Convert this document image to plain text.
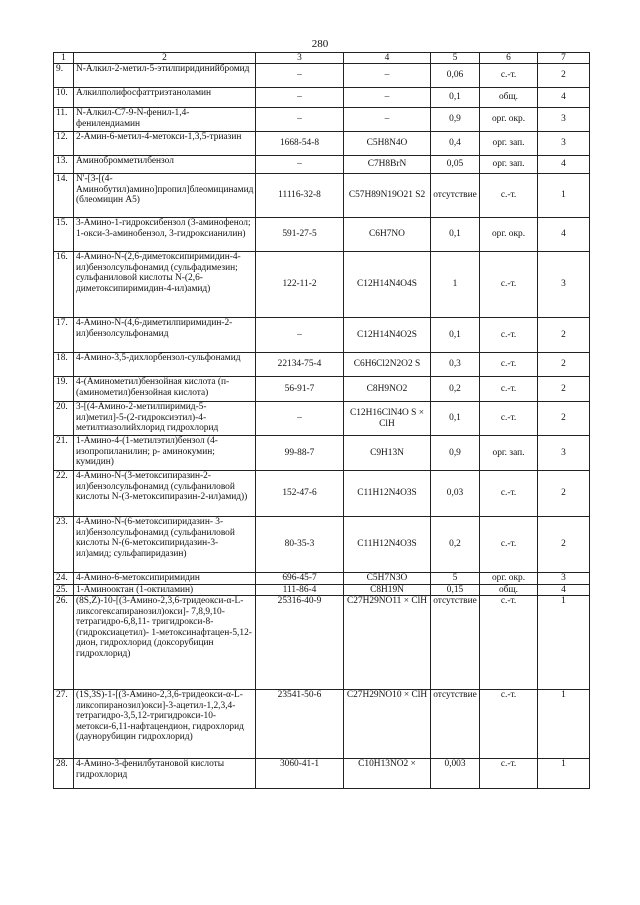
280
1	2	3	4	5	6	7
9.	N-Алкил-2-метил-5-этилпиридинийбромид	–	–	0,06	с.-т.	2
10.	Алкилполифосфаттриэтаноламин	–	–	0,1	общ.	4
11.	N-Алкил-С7-9-N-фенил-1,4-фенилендиамин	–	–	0,9	орг. окр.	3
12.	2-Амин-6-метил-4-метокси-1,3,5-триазин	1668-54-8	C5H8N4O	0,4	орг. зап.	3
13.	Аминобромметилбензол	–	C7H8BrN	0,05	орг. зап.	4
14.	N'-[3-[(4-Аминобутил)амино]пропил]блеомицинамид (блеомицин А5)	11116-32-8	C57H89N19O21 S2	отсутствие	с.-т.	1
15.	3-Амино-1-гидроксибензол (3-аминофенол; 1-окси-3-аминобензол, 3-гидроксианилин)	591-27-5	C6H7NO	0,1	орг. окр.	4
16.	4-Амино-N-(2,6-диметоксипиримидин-4-ил)бензолсульфонамид (сульфадимезин; сульфаниловой кислоты N-(2,6-диметоксипиримидин-4-ил)амид)	122-11-2	C12H14N4O4S	1	с.-т.	3
17.	4-Амино-N-(4,6-диметилпиримидин-2-ил)бензолсульфонамид	–	C12H14N4O2S	0,1	с.-т.	2
18.	4-Амино-3,5-дихлорбензол-сульфонамид	22134-75-4	C6H6Cl2N2O2 S	0,3	с.-т.	2
19.	4-(Аминометил)бензойная кислота (п-(аминометил)бензойная кислота)	56-91-7	C8H9NO2	0,2	с.-т.	2
20.	3-[(4-Амино-2-метилпиримид-5-ил)метил]-5-(2-гидроксиэтил)-4-метилтиазолийхлорид гидрохлорид	–	C12H16ClN4O S × ClH	0,1	с.-т.	2
21.	1-Амино-4-(1-метилэтил)бензол (4-изопропиланилин; р- аминокумин; кумидин)	99-88-7	C9H13N	0,9	орг. зап.	3
22.	4-Амино-N-(3-метоксипиразин-2-ил)бензолсульфонамид (сульфаниловой кислоты N-(3-метоксипиразин-2-ил)амид))	152-47-6	C11H12N4O3S	0,03	с.-т.	2
23.	4-Амино-N-(6-метоксипиридазин- 3-ил)бензолсульфонамид (сульфаниловой кислоты N-(6-метоксипиридазин-3-ил)амид; сульфапиридазин)	80-35-3	C11H12N4O3S	0,2	с.-т.	2
24.	4-Амино-6-метоксипиримидин	696-45-7	C5H7N3O	5	орг. окр.	3
25.	1-Аминооктан (1-октиламин)	111-86-4	C8H19N	0,15	общ.	4
26.	(8S,Z)-10-[(3-Амино-2,3,6-тридеокси-α-L-ликсогексапиранозил)окси]- 7,8,9,10-тетрагидро-6,8,11- тригидрокси-8-(гидроксиацетил)- 1-метоксинафтацен-5,12-дион, гидрохлорид (доксорубицин гидрохлорид)	25316-40-9	C27H29NO11 × ClH	отсутствие	с.-т.	1
27.	(1S,3S)-1-[(3-Амино-2,3,6-тридеокси-α-L-ликсопиранозил)окси]-3-ацетил-1,2,3,4-тетрагидро-3,5,12-тригидрокси-10-метокси-6,11-нафтацендион, гидрохлорид (даунорубицин гидрохлорид)	23541-50-6	C27H29NO10 × ClH	отсутствие	с.-т.	1
28.	4-Амино-3-фенилбутановой кислоты гидрохлорид	3060-41-1	C10H13NO2 ×	0,003	с.-т.	1
